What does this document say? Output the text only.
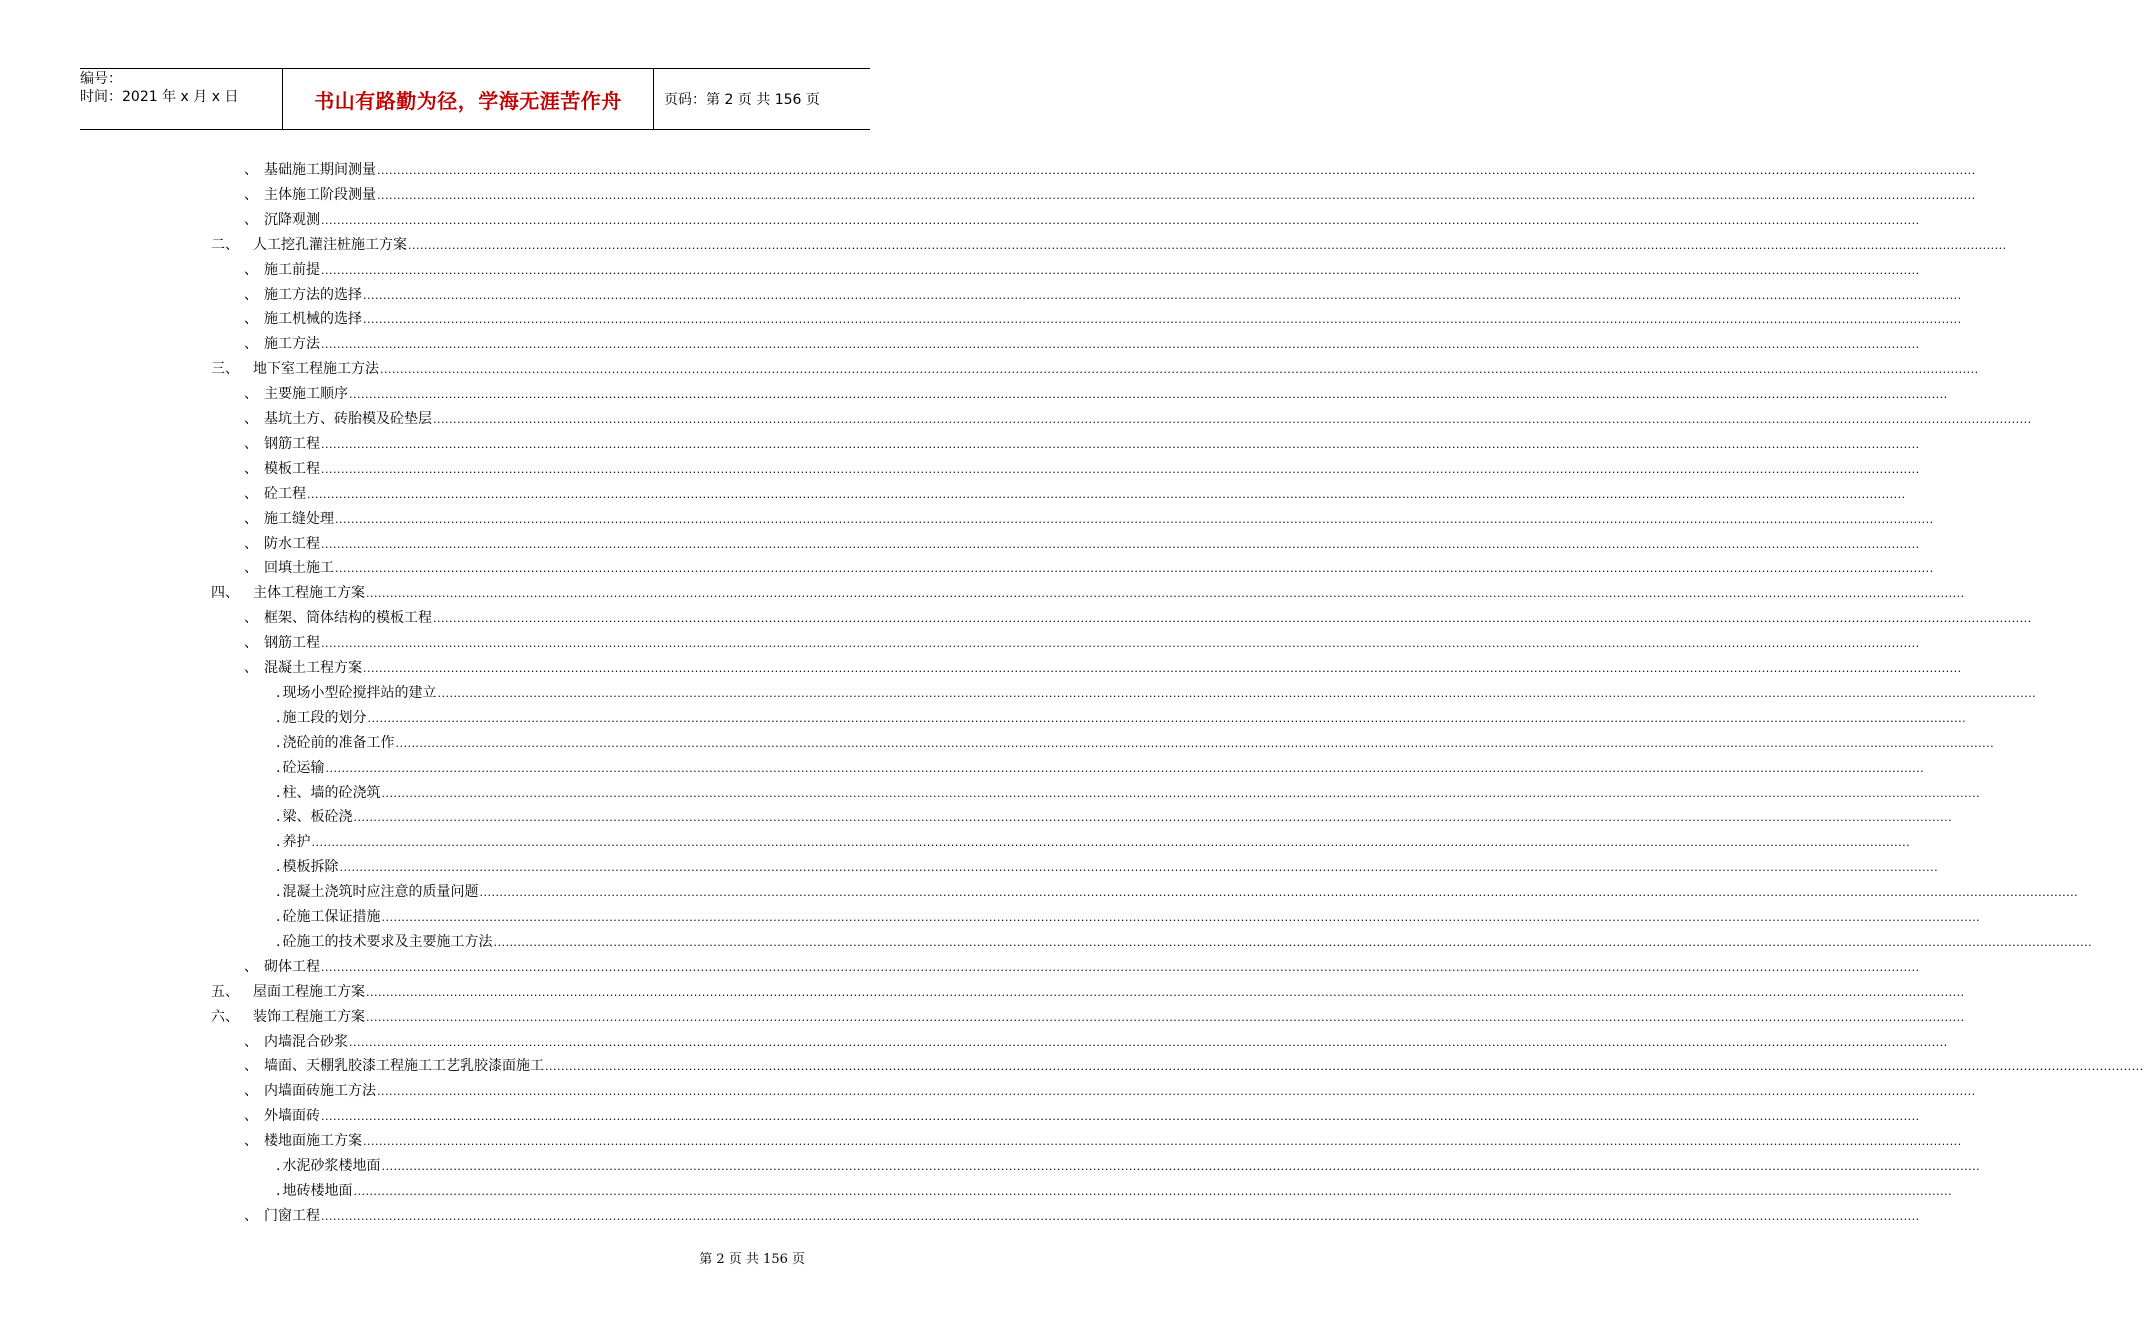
编号：
时间：2021 年 x 月 x 日	书山有路勤为径，学海无涯苦作舟	页码：第 2 页 共 156 页
、 基础施工期间测量 ................................................................................................................................................................................................................................................................................................................................................................................................................
、 主体施工阶段测量 ................................................................................................................................................................................................................................................................................................................................................................................................................
、 沉降观测 ................................................................................................................................................................................................................................................................................................................................................................................................................
二、 人工挖孔灌注桩施工方案 ................................................................................................................................................................................................................................................................................................................................................................................................................
、 施工前提 ................................................................................................................................................................................................................................................................................................................................................................................................................
、 施工方法的选择 ................................................................................................................................................................................................................................................................................................................................................................................................................
、 施工机械的选择 ................................................................................................................................................................................................................................................................................................................................................................................................................
、 施工方法 ................................................................................................................................................................................................................................................................................................................................................................................................................
三、 地下室工程施工方法 ................................................................................................................................................................................................................................................................................................................................................................................................................
、 主要施工顺序 ................................................................................................................................................................................................................................................................................................................................................................................................................
、 基坑土方、砖胎模及砼垫层 ................................................................................................................................................................................................................................................................................................................................................................................................................
、 钢筋工程 ................................................................................................................................................................................................................................................................................................................................................................................................................
、 模板工程 ................................................................................................................................................................................................................................................................................................................................................................................................................
、 砼工程 ................................................................................................................................................................................................................................................................................................................................................................................................................
、 施工缝处理 ................................................................................................................................................................................................................................................................................................................................................................................................................
、 防水工程 ................................................................................................................................................................................................................................................................................................................................................................................................................
、 回填土施工 ................................................................................................................................................................................................................................................................................................................................................................................................................
四、 主体工程施工方案 ................................................................................................................................................................................................................................................................................................................................................................................................................
、 框架、筒体结构的模板工程 ................................................................................................................................................................................................................................................................................................................................................................................................................
、 钢筋工程 ................................................................................................................................................................................................................................................................................................................................................................................................................
、 混凝土工程方案 ................................................................................................................................................................................................................................................................................................................................................................................................................
. 现场小型砼搅拌站的建立 ................................................................................................................................................................................................................................................................................................................................................................................................................
. 施工段的划分 ................................................................................................................................................................................................................................................................................................................................................................................................................
. 浇砼前的准备工作 ................................................................................................................................................................................................................................................................................................................................................................................................................
. 砼运输 ................................................................................................................................................................................................................................................................................................................................................................................................................
. 柱、墙的砼浇筑 ................................................................................................................................................................................................................................................................................................................................................................................................................
. 梁、板砼浇 ................................................................................................................................................................................................................................................................................................................................................................................................................
. 养护 ................................................................................................................................................................................................................................................................................................................................................................................................................
. 模板拆除 ................................................................................................................................................................................................................................................................................................................................................................................................................
. 混凝土浇筑时应注意的质量问题 ................................................................................................................................................................................................................................................................................................................................................................................................................
. 砼施工保证措施 ................................................................................................................................................................................................................................................................................................................................................................................................................
. 砼施工的技术要求及主要施工方法 ................................................................................................................................................................................................................................................................................................................................................................................................................
、 砌体工程 ................................................................................................................................................................................................................................................................................................................................................................................................................
五、 屋面工程施工方案 ................................................................................................................................................................................................................................................................................................................................................................................................................
六、 装饰工程施工方案 ................................................................................................................................................................................................................................................................................................................................................................................................................
、 内墙混合砂浆 ................................................................................................................................................................................................................................................................................................................................................................................................................
、 墙面、天棚乳胶漆工程施工工艺乳胶漆面施工 ................................................................................................................................................................................................................................................................................................................................................................................................................
、 内墙面砖施工方法 ................................................................................................................................................................................................................................................................................................................................................................................................................
、 外墙面砖 ................................................................................................................................................................................................................................................................................................................................................................................................................
、 楼地面施工方案 ................................................................................................................................................................................................................................................................................................................................................................................................................
. 水泥砂浆楼地面 ................................................................................................................................................................................................................................................................................................................................................................................................................
. 地砖楼地面 ................................................................................................................................................................................................................................................................................................................................................................................................................
、 门窗工程 ................................................................................................................................................................................................................................................................................................................................................................................................................
第 2 页 共 156 页
